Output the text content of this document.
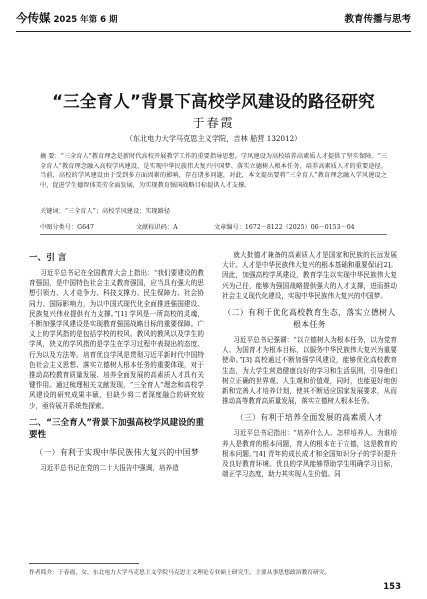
今传媒 2025 年第 6 期	教育传播与思考
“三全育人”背景下高校学风建设的路径研究
于春霞
（东北电力大学马克思主义学院，吉林 船营 132012）
摘 要：“三全育人”教育理念是新时代高校开展教学工作的重要指导思想。学风建设为高校培养高素质人才提供了坚实保障。“三全育人”教育理念融入高校学风建设，是实现中华民族伟大复兴中国梦、落实立德树人根本任务、培养高素质人才的重要途径。当前，高校的学风建设由于受到多方面因素的影响，存在诸多问题，对此，本文提出要将“三全育人”教育理念融入学风建设之中，促进学生德智体美劳全面发展，为实现教育强国战略目标提供人才支撑。
关键词：“三全育人”；高校学风建设；实现路径
中图分类号：G647	文献标识码：A	文章编号：1672－8122（2025）06－0153－04
一、引 言

习近平总书记在全国教育大会上指出：“我们要建设的教育强国，是中国特色社会主义教育强国，应当具有强大的思想引领力、人才竞争力、科技支撑力、民生保障力、社会协同力、国际影响力，为以中国式现代化全面推进强国建设、民族复兴伟业提供有力支撑。”[1] 学风是一所高校的灵魂，不断加强学风建设是实现教育强国战略目标的重要保障。广义上的学风指的是包括学校的校风、教风的教风以及学生的学风，狭义的学风指的是学生在学习过程中表现出的态度、行为以及方法等。培育优良学风是贯彻习近平新时代中国特色社会主义思想、落实立德树人根本任务的重要体现，对于推动高校教育质量发展、培养全面发展的高素质人才具有关键作用。通过梳理相关文献发现，“三全育人”理念和高校学风建设的研究成果丰硕，但缺少将二者深度融合的研究较少，亟待展开系统性探索。

二、“三全育人”背景下加强高校学风建设的重要性
（一）有利于实现中华民族伟大复兴的中国梦

习近平总书记在党的二十大报告中强调，培养造

就大批德才兼备的高素质人才是国家和民族的长远发展大计。人才是中华民族伟大复兴的根本基础和重要保证[2]。因此，加强高校学风建设，教育学生以实现中华民族伟大复兴为己任，能够为强国战略提供强大的人才支撑，进而推动社会主义现代化建设，实现中华民族伟大复兴的中国梦。

（二）有利于优化高校教育生态，落实立德树人根本任务

习近平总书记强调：“以立德树人为根本任务，以为党育人、为国育才为根本目标，以服务中华民族伟大复兴为重要使命。”[3] 高校通过不断加强学风建设，能够优化高校教育生态，为大学生营造健康良好的学习和生活氛围，引导他们树立正确的世界观、人生观和价值观，同时，也能更好地创新和完善人才培养计划，使其不断适应国家发展要求，从而推动高等教育高质量发展，落实立德树人根本任务。

（三）有利于培养全面发展的高素质人才

习近平总书记指出：“培养什么人、怎样培养人、为谁培养人是教育的根本问题，育人的根本在于立德，这是教育的根本问题。”[4] 青年的成长成才和全国知识分子的学识提升及良好教育环境。优良的学风能够帮助学生明确学习目标，端正学习态度，助力其实现人生价值。同

作者简介：于春霞，女，东北电力大学马克思主义学院马克思主义理论专业硕士研究生，主要从事思想政治教育研究。
153
